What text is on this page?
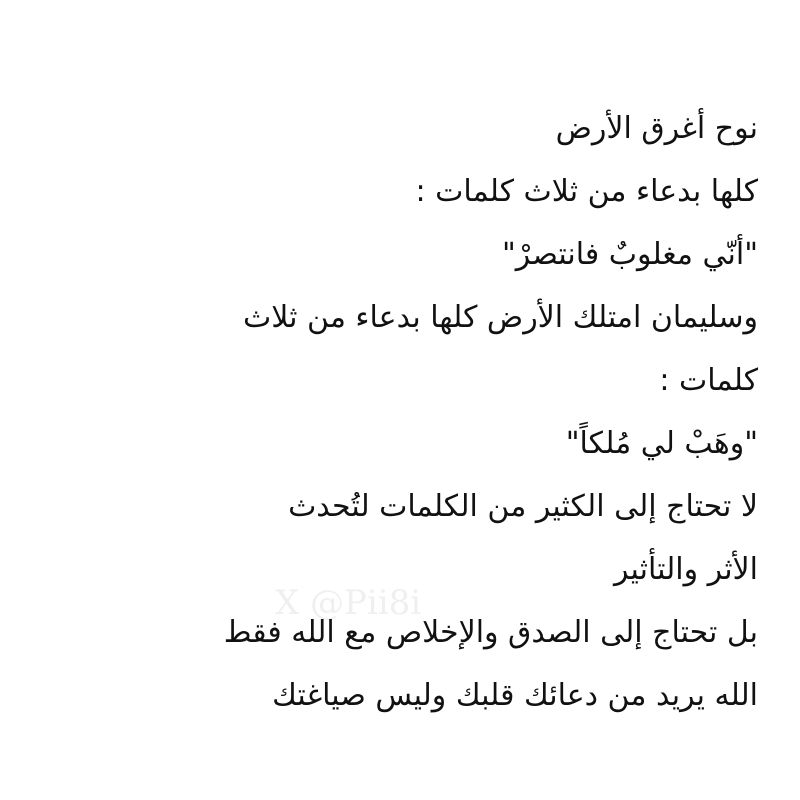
نوح أغرق الأرض
كلها بدعاء من ثلاث كلمات :
"أنّي مغلوبٌ فانتصرْ"
وسليمان امتلك الأرض كلها بدعاء من ثلاث
كلمات :
"وهَبْ لي مُلكاً"
لا تحتاج إلى الكثير من الكلمات لتُحدث
الأثر والتأثير
بل تحتاج إلى الصدق والإخلاص مع الله فقط
الله يريد من دعائك قلبك وليس صياغتك
X @Pii8i
